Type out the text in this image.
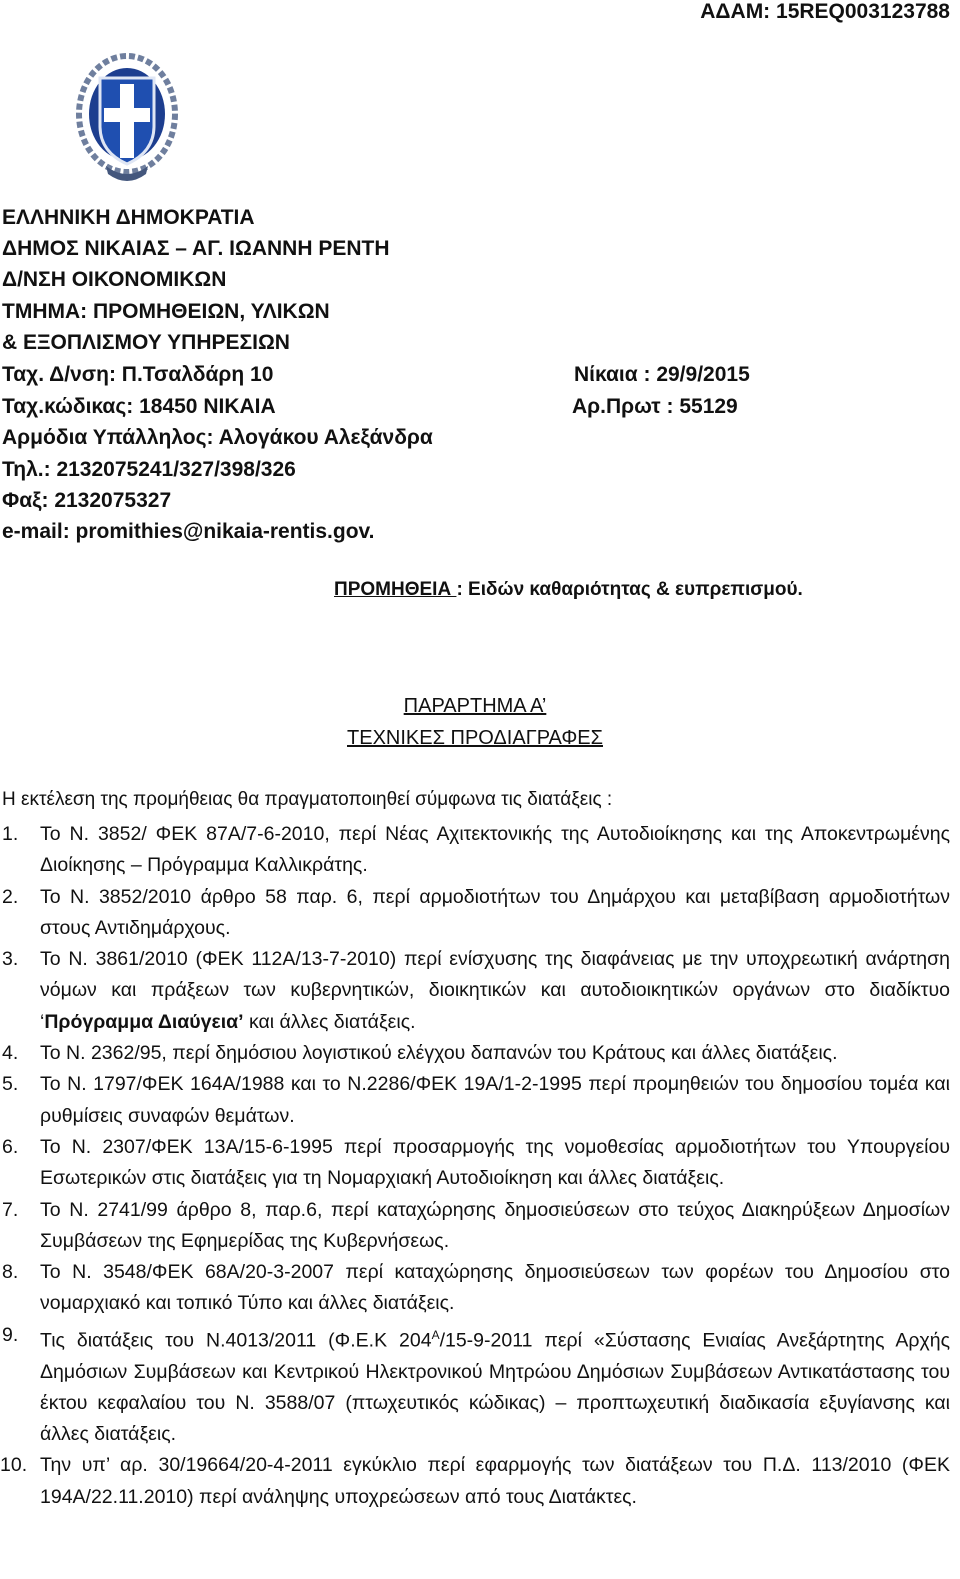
ΑΔΑΜ: 15REQ003123788
ΕΛΛΗΝΙΚΗ ΔΗΜΟΚΡΑΤΙΑ
ΔΗΜΟΣ ΝΙΚΑΙΑΣ – ΑΓ. ΙΩΑΝΝΗ ΡΕΝΤΗ
Δ/ΝΣΗ ΟΙΚΟΝΟΜΙΚΩΝ
ΤΜΗΜΑ: ΠΡΟΜΗΘΕΙΩΝ, ΥΛΙΚΩΝ
& ΕΞΟΠΛΙΣΜΟΥ ΥΠΗΡΕΣΙΩΝ
Ταχ. Δ/νση: Π.Τσαλδάρη 10
Ταχ.κώδικας: 18450 ΝΙΚΑΙΑ
Αρμόδια Υπάλληλος: Αλογάκου Αλεξάνδρα
Τηλ.: 2132075241/327/398/326
Φαξ: 2132075327
e-mail: promithies@nikaia-rentis.gov.
Νίκαια : 29/9/2015
Αρ.Πρωτ : 55129
ΠΡΟΜΗΘΕΙΑ : Ειδών καθαριότητας & ευπρεπισμού.
ΠΑΡΑΡΤΗΜΑ Α’
ΤΕΧΝΙΚΕΣ ΠΡΟΔΙΑΓΡΑΦΕΣ
Η εκτέλεση της προμήθειας θα πραγματοποιηθεί σύμφωνα τις διατάξεις :
1. Το Ν. 3852/ ΦΕΚ 87Α/7-6-2010, περί Νέας Αχιτεκτονικής της Αυτοδιοίκησης και της Αποκεντρωμένης Διοίκησης – Πρόγραμμα Καλλικράτης.
2. Το Ν. 3852/2010 άρθρο 58 παρ. 6, περί αρμοδιοτήτων του Δημάρχου και μεταβίβαση αρμοδιοτήτων στους Αντιδημάρχους.
3. Το Ν. 3861/2010 (ΦΕΚ 112Α/13-7-2010) περί ενίσχυσης της διαφάνειας με την υποχρεωτική ανάρτηση νόμων και πράξεων των κυβερνητικών, διοικητικών και αυτοδιοικητικών οργάνων στο διαδίκτυο ‘Πρόγραμμα Διαύγεια’ και άλλες διατάξεις.
4. Το Ν. 2362/95, περί δημόσιου λογιστικού ελέγχου δαπανών του Κράτους και άλλες διατάξεις.
5. Το Ν. 1797/ΦΕΚ 164Α/1988 και το Ν.2286/ΦΕΚ 19Α/1-2-1995 περί προμηθειών του δημοσίου τομέα και ρυθμίσεις συναφών θεμάτων.
6. Το Ν. 2307/ΦΕΚ 13Α/15-6-1995 περί προσαρμογής της νομοθεσίας αρμοδιοτήτων του Υπουργείου Εσωτερικών στις διατάξεις για τη Νομαρχιακή Αυτοδιοίκηση και άλλες διατάξεις.
7. Το Ν. 2741/99 άρθρο 8, παρ.6, περί καταχώρησης δημοσιεύσεων στο τεύχος Διακηρύξεων Δημοσίων Συμβάσεων της Εφημερίδας της Κυβερνήσεως.
8. Το Ν. 3548/ΦΕΚ 68Α/20-3-2007 περί καταχώρησης δημοσιεύσεων των φορέων του Δημοσίου στο νομαρχιακό και τοπικό Τύπο και άλλες διατάξεις.
9. Τις διατάξεις του Ν.4013/2011 (Φ.Ε.Κ $204^A/15-9-2011$ περί «Σύστασης Ενιαίας Ανεξάρτητης Αρχής Δημόσιων Συμβάσεων και Κεντρικού Ηλεκτρονικού Μητρώου Δημόσιων Συμβάσεων Αντικατάστασης του έκτου κεφαλαίου του Ν. 3588/07 (πτωχευτικός κώδικας) – προπτωχευτική διαδικασία εξυγίανσης και άλλες διατάξεις.
10. Την υπ’ αρ. 30/19664/20-4-2011 εγκύκλιο περί εφαρμογής των διατάξεων του Π.Δ. 113/2010 (ΦΕΚ 194Α/22.11.2010) περί ανάληψης υποχρεώσεων από τους Διατάκτες.
